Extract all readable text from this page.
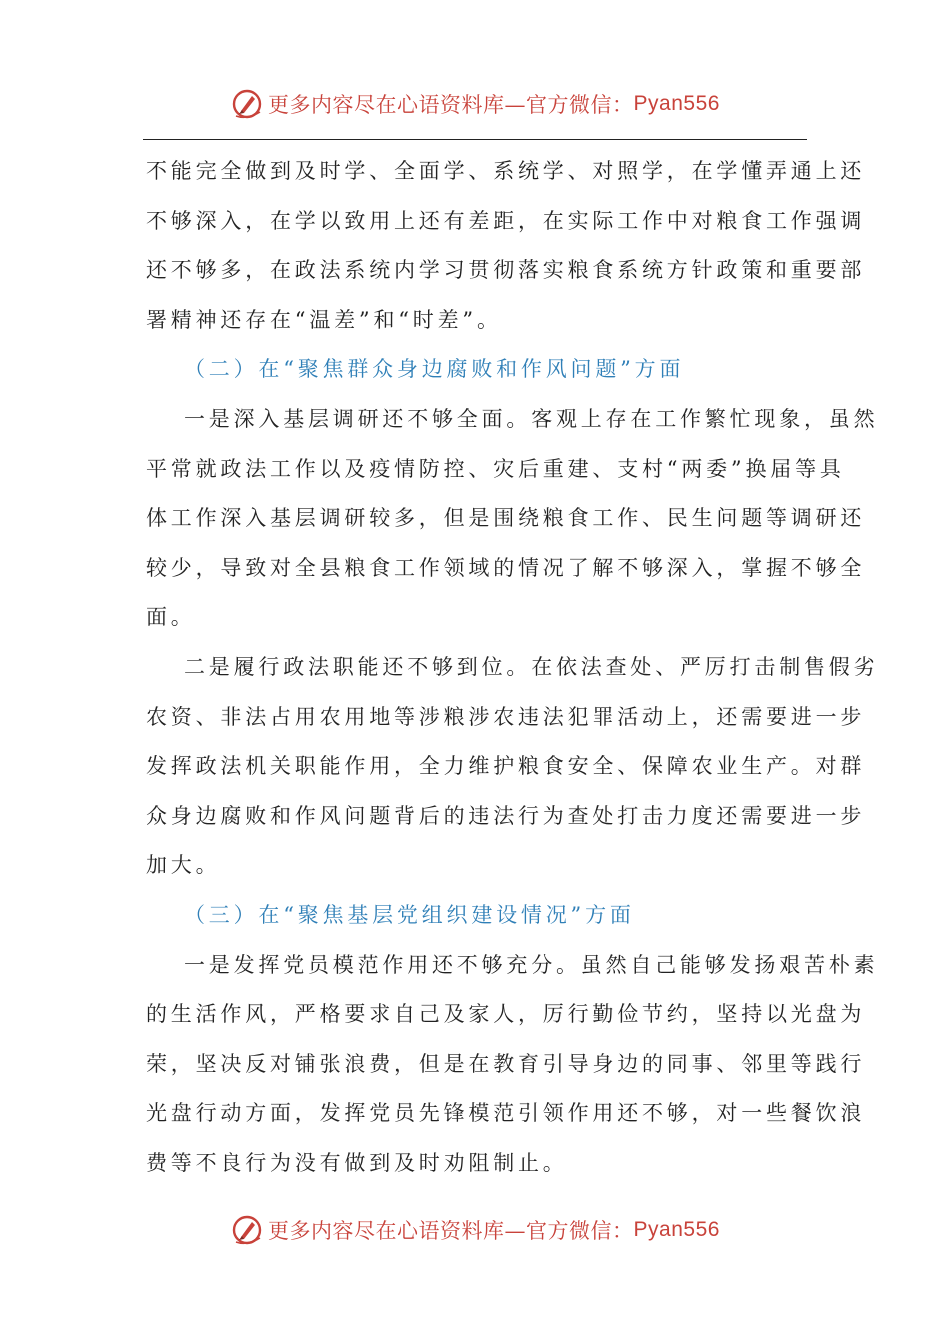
更多内容尽在心语资料库—官方微信： Pyan556
不能完全做到及时学、全面学、系统学、对照学，在学懂弄通上还
不够深入，在学以致用上还有差距，在实际工作中对粮食工作强调
还不够多，在政法系统内学习贯彻落实粮食系统方针政策和重要部
署精神还存在“温差”和“时差”。
（二）在“聚焦群众身边腐败和作风问题”方面
一是深入基层调研还不够全面。客观上存在工作繁忙现象，虽然
平常就政法工作以及疫情防控、灾后重建、支村“两委”换届等具
体工作深入基层调研较多，但是围绕粮食工作、民生问题等调研还
较少，导致对全县粮食工作领域的情况了解不够深入，掌握不够全
面。
二是履行政法职能还不够到位。在依法查处、严厉打击制售假劣
农资、非法占用农用地等涉粮涉农违法犯罪活动上，还需要进一步
发挥政法机关职能作用，全力维护粮食安全、保障农业生产。对群
众身边腐败和作风问题背后的违法行为查处打击力度还需要进一步
加大。
（三）在“聚焦基层党组织建设情况”方面
一是发挥党员模范作用还不够充分。虽然自己能够发扬艰苦朴素
的生活作风，严格要求自己及家人，厉行勤俭节约，坚持以光盘为
荣，坚决反对铺张浪费，但是在教育引导身边的同事、邻里等践行
光盘行动方面，发挥党员先锋模范引领作用还不够，对一些餐饮浪
费等不良行为没有做到及时劝阻制止。
更多内容尽在心语资料库—官方微信： Pyan556
